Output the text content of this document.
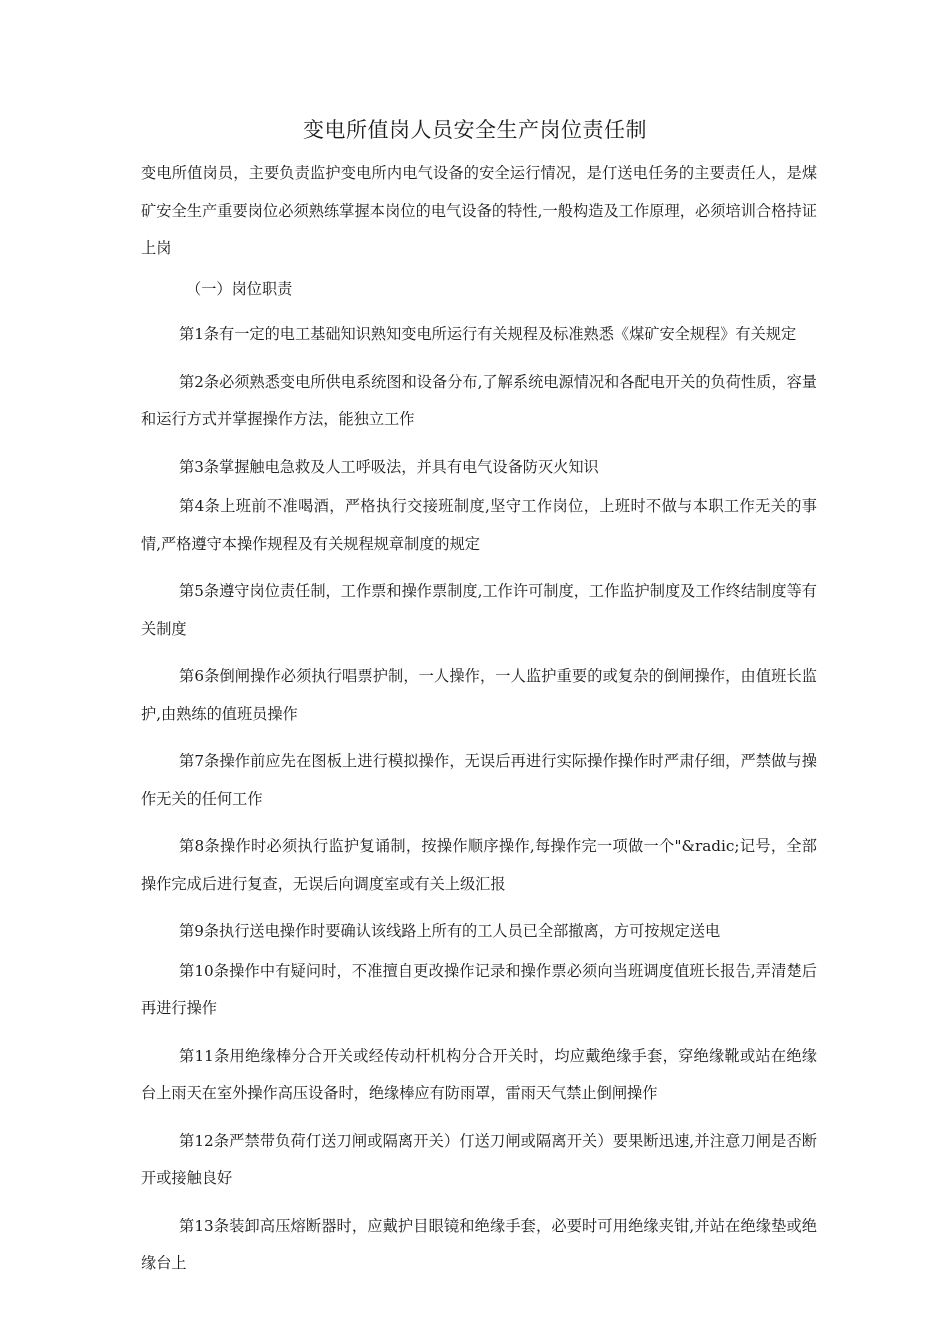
变电所值岗人员安全生产岗位责任制

变电所值岗员，主要负责监护变电所内电气设备的安全运行情况，是仃送电任务的主要责任人，是煤矿安全生产重要岗位必须熟练掌握本岗位的电气设备的特性,一般构造及工作原理，必须培训合格持证上岗

（一）岗位职责

第1条有一定的电工基础知识熟知变电所运行有关规程及标准熟悉《煤矿安全规程》有关规定

第2条必须熟悉变电所供电系统图和设备分布,了解系统电源情况和各配电开关的负荷性质，容量和运行方式并掌握操作方法，能独立工作

第3条掌握触电急救及人工呼吸法，并具有电气设备防灭火知识

第4条上班前不准喝酒，严格执行交接班制度,坚守工作岗位，上班时不做与本职工作无关的事情,严格遵守本操作规程及有关规程规章制度的规定

第5条遵守岗位责任制，工作票和操作票制度,工作许可制度，工作监护制度及工作终结制度等有关制度

第6条倒闸操作必须执行唱票护制，一人操作，一人监护重要的或复杂的倒闸操作，由值班长监护,由熟练的值班员操作

第7条操作前应先在图板上进行模拟操作，无误后再进行实际操作操作时严肃仔细，严禁做与操作无关的任何工作

第8条操作时必须执行监护复诵制，按操作顺序操作,每操作完一项做一个"&radic;记号，全部操作完成后进行复查，无误后向调度室或有关上级汇报

第9条执行送电操作时要确认该线路上所有的工人员已全部撤离，方可按规定送电

第10条操作中有疑问时，不准擅自更改操作记录和操作票必须向当班调度值班长报告,弄清楚后再进行操作

第11条用绝缘棒分合开关或经传动杆机构分合开关时，均应戴绝缘手套，穿绝缘靴或站在绝缘台上雨天在室外操作高压设备时，绝缘棒应有防雨罩，雷雨天气禁止倒闸操作

第12条严禁带负荷仃送刀闸或隔离开关）仃送刀闸或隔离开关）要果断迅速,并注意刀闸是否断开或接触良好

第13条装卸高压熔断器时，应戴护目眼镜和绝缘手套，必要时可用绝缘夹钳,并站在绝缘垫或绝缘台上
